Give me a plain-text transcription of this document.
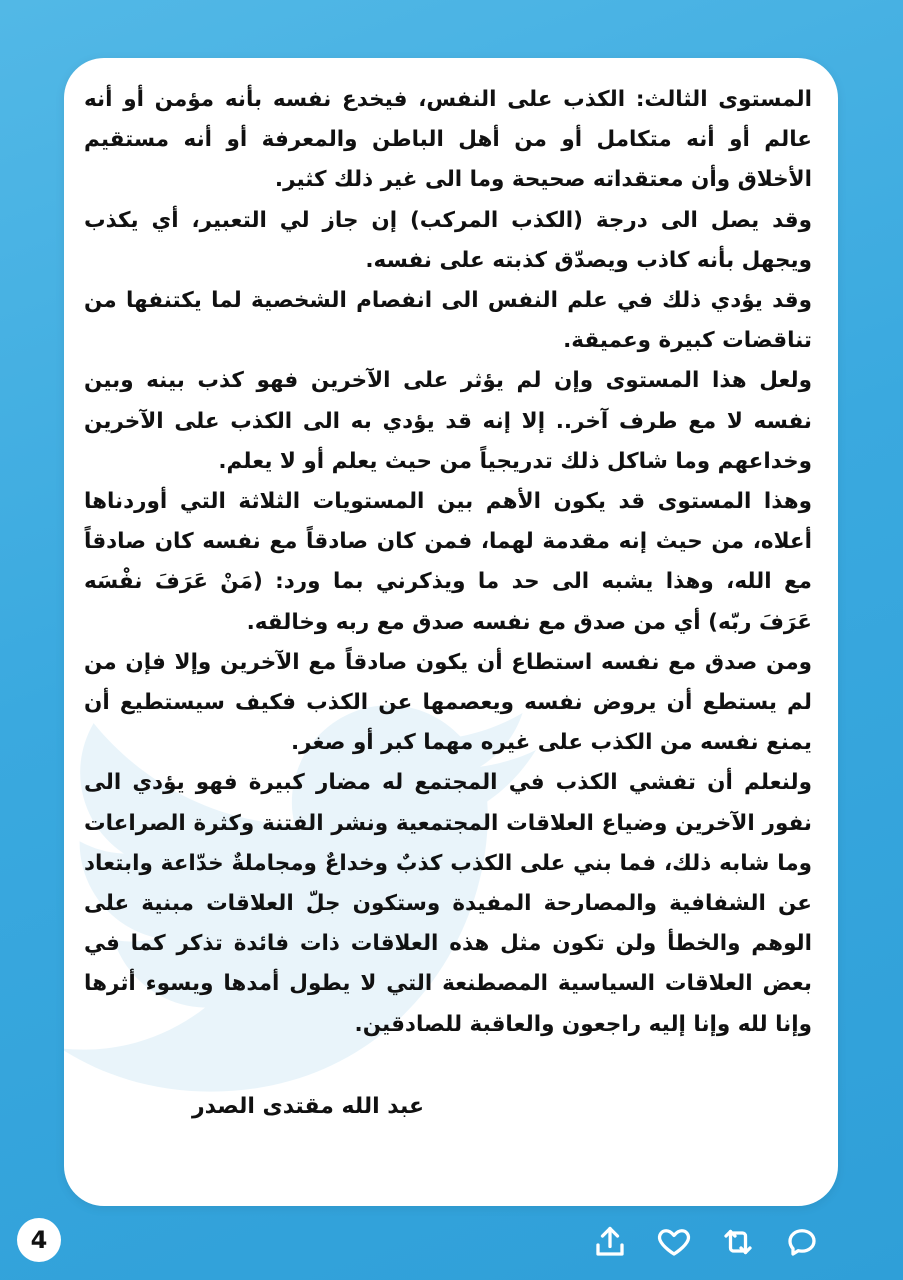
المستوى الثالث: الكذب على النفس، فيخدع نفسه بأنه مؤمن أو أنه عالم أو أنه متكامل أو من أهل الباطن والمعرفة أو أنه مستقيم الأخلاق وأن معتقداته صحيحة وما الى غير ذلك كثير.

وقد يصل الى درجة (الكذب المركب) إن جاز لي التعبير، أي يكذب ويجهل بأنه كاذب ويصدّق كذبته على نفسه.

وقد يؤدي ذلك في علم النفس الى انفصام الشخصية لما يكتنفها من تناقضات كبيرة وعميقة.

ولعل هذا المستوى وإن لم يؤثر على الآخرين فهو كذب بينه وبين نفسه لا مع طرف آخر.. إلا إنه قد يؤدي به الى الكذب على الآخرين وخداعهم وما شاكل ذلك تدريجياً من حيث يعلم أو لا يعلم.

وهذا المستوى قد يكون الأهم بين المستويات الثلاثة التي أوردناها أعلاه، من حيث إنه مقدمة لهما، فمن كان صادقاً مع نفسه كان صادقاً مع الله، وهذا يشبه الى حد ما ويذكرني بما ورد: (مَنْ عَرَفَ نفْسَه عَرَفَ ربّه) أي من صدق مع نفسه صدق مع ربه وخالقه.

ومن صدق مع نفسه استطاع أن يكون صادقاً مع الآخرين وإلا فإن من لم يستطع أن يروض نفسه ويعصمها عن الكذب فكيف سيستطيع أن يمنع نفسه من الكذب على غيره مهما كبر أو صغر.

ولنعلم أن تفشي الكذب في المجتمع له مضار كبيرة فهو يؤدي الى نفور الآخرين وضياع العلاقات المجتمعية ونشر الفتنة وكثرة الصراعات وما شابه ذلك، فما بني على الكذب كذبٌ وخداعٌ ومجاملةٌ خدّاعة وابتعاد عن الشفافية والمصارحة المفيدة وستكون جلّ العلاقات مبنية على الوهم والخطأ ولن تكون مثل هذه العلاقات ذات فائدة تذكر كما في بعض العلاقات السياسية المصطنعة التي لا يطول أمدها ويسوء أثرها وإنا لله وإنا إليه راجعون والعاقبة للصادقين.

عبد الله مقتدى الصدر
4
